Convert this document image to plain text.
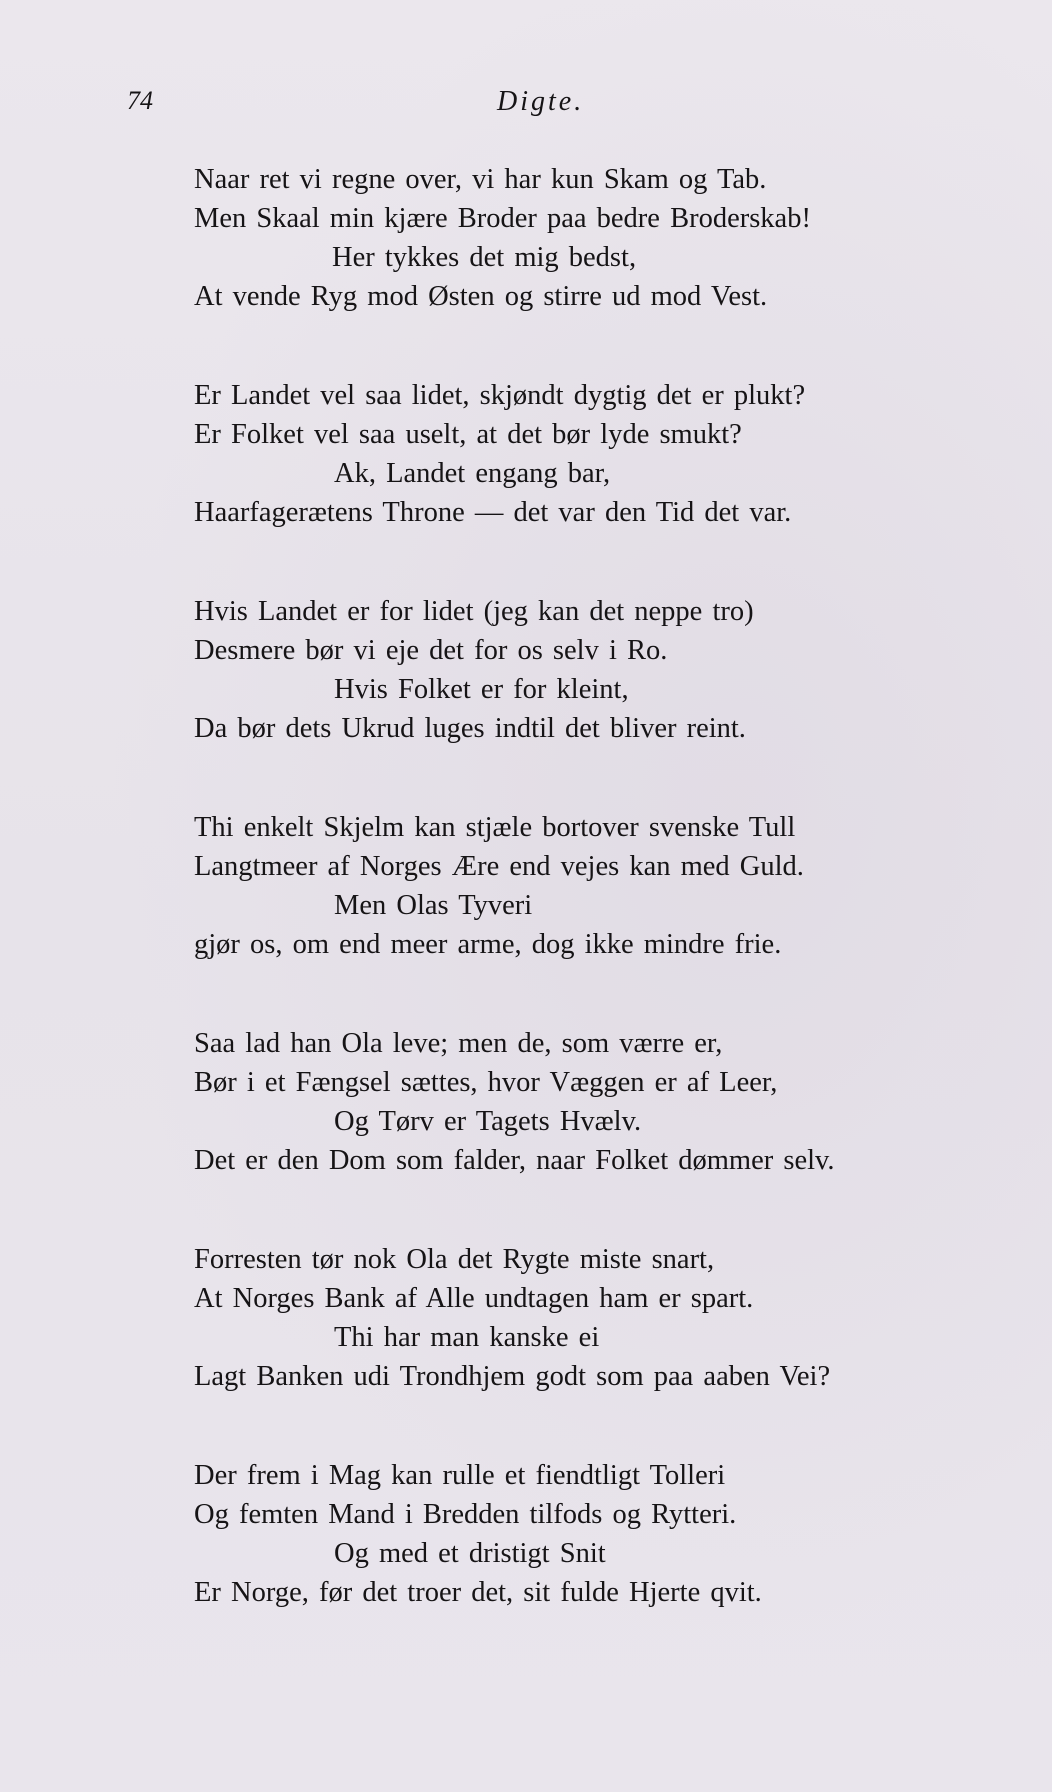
74	Digte.
Naar ret vi regne over, vi har kun Skam og Tab.
Men Skaal min kjære Broder paa bedre Broderskab!
Her tykkes det mig bedst,
At vende Ryg mod Østen og stirre ud mod Vest.
Er Landet vel saa lidet, skjøndt dygtig det er plukt?
Er Folket vel saa uselt, at det bør lyde smukt?
Ak, Landet engang bar,
Haarfagerætens Throne — det var den Tid det var.
Hvis Landet er for lidet (jeg kan det neppe tro)
Desmere bør vi eje det for os selv i Ro.
Hvis Folket er for kleint,
Da bør dets Ukrud luges indtil det bliver reint.
Thi enkelt Skjelm kan stjæle bortover svenske Tull
Langtmeer af Norges Ære end vejes kan med Guld.
Men Olas Tyveri
gjør os, om end meer arme, dog ikke mindre frie.
Saa lad han Ola leve; men de, som værre er,
Bør i et Fængsel sættes, hvor Væggen er af Leer,
Og Tørv er Tagets Hvælv.
Det er den Dom som falder, naar Folket dømmer selv.
Forresten tør nok Ola det Rygte miste snart,
At Norges Bank af Alle undtagen ham er spart.
Thi har man kanske ei
Lagt Banken udi Trondhjem godt som paa aaben Vei?
Der frem i Mag kan rulle et fiendtligt Tolleri
Og femten Mand i Bredden tilfods og Rytteri.
Og med et dristigt Snit
Er Norge, før det troer det, sit fulde Hjerte qvit.
